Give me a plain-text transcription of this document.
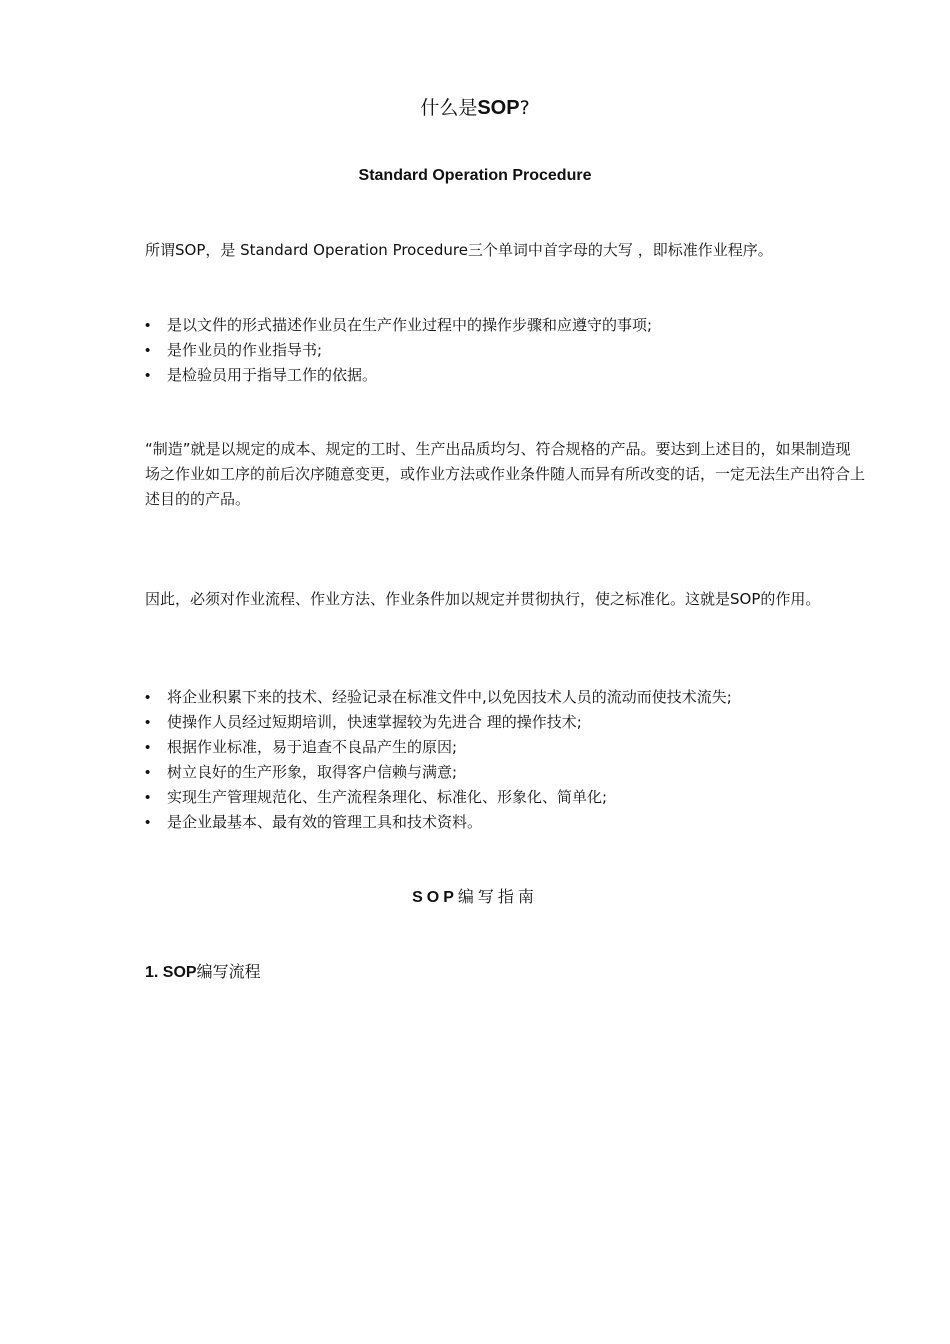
什么是SOP?
Standard Operation Procedure
所谓SOP，是 Standard Operation Procedure三个单词中首字母的大写 ，即标准作业程序。
• 是以文件的形式描述作业员在生产作业过程中的操作步骤和应遵守的事项;
• 是作业员的作业指导书;
• 是检验员用于指导工作的依据。
“制造”就是以规定的成本、规定的工时、生产出品质均匀、符合规格的产品。要达到上述目的，如果制造现场之作业如工序的前后次序随意变更，或作业方法或作业条件随人而异有所改变的话，一定无法生产出符合上述目的的产品。
因此，必须对作业流程、作业方法、作业条件加以规定并贯彻执行，使之标准化。这就是SOP的作用。
• 将企业积累下来的技术、经验记录在标准文件中,以免因技术人员的流动而使技术流失;
• 使操作人员经过短期培训，快速掌握较为先进合 理的操作技术;
• 根据作业标准，易于追查不良品产生的原因;
• 树立良好的生产形象，取得客户信赖与满意;
• 实现生产管理规范化、生产流程条理化、标准化、形象化、简单化;
• 是企业最基本、最有效的管理工具和技术资料。
SOP编写指南
1. SOP编写流程
